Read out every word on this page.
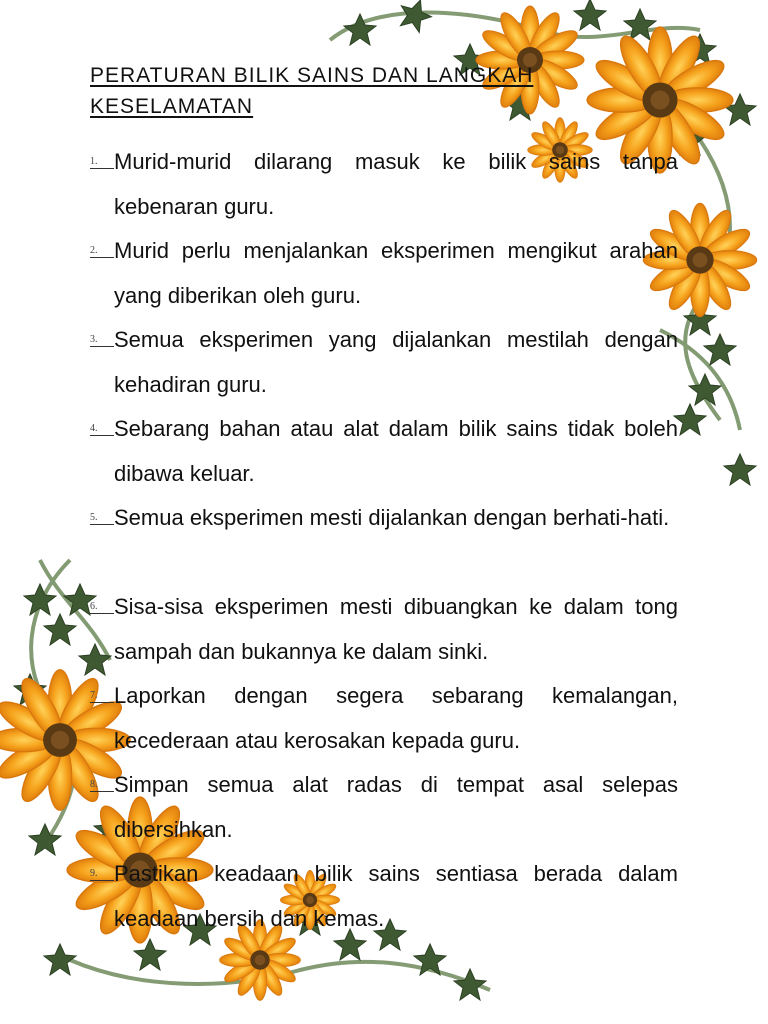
PERATURAN BILIK SAINS DAN LANGKAH KESELAMATAN
1. Murid-murid dilarang masuk ke bilik sains tanpa kebenaran guru.
2. Murid perlu menjalankan eksperimen mengikut arahan yang diberikan oleh guru.
3. Semua eksperimen yang dijalankan mestilah dengan kehadiran guru.
4. Sebarang bahan atau alat dalam bilik sains tidak boleh dibawa keluar.
5. Semua eksperimen mesti dijalankan dengan berhati-hati.
6. Sisa-sisa eksperimen mesti dibuangkan ke dalam tong sampah dan bukannya ke dalam sinki.
7. Laporkan dengan segera sebarang kemalangan, kecederaan atau kerosakan kepada guru.
8. Simpan semua alat radas di tempat asal selepas dibersihkan.
9. Pastikan keadaan bilik sains sentiasa berada dalam keadaan bersih dan kemas.
